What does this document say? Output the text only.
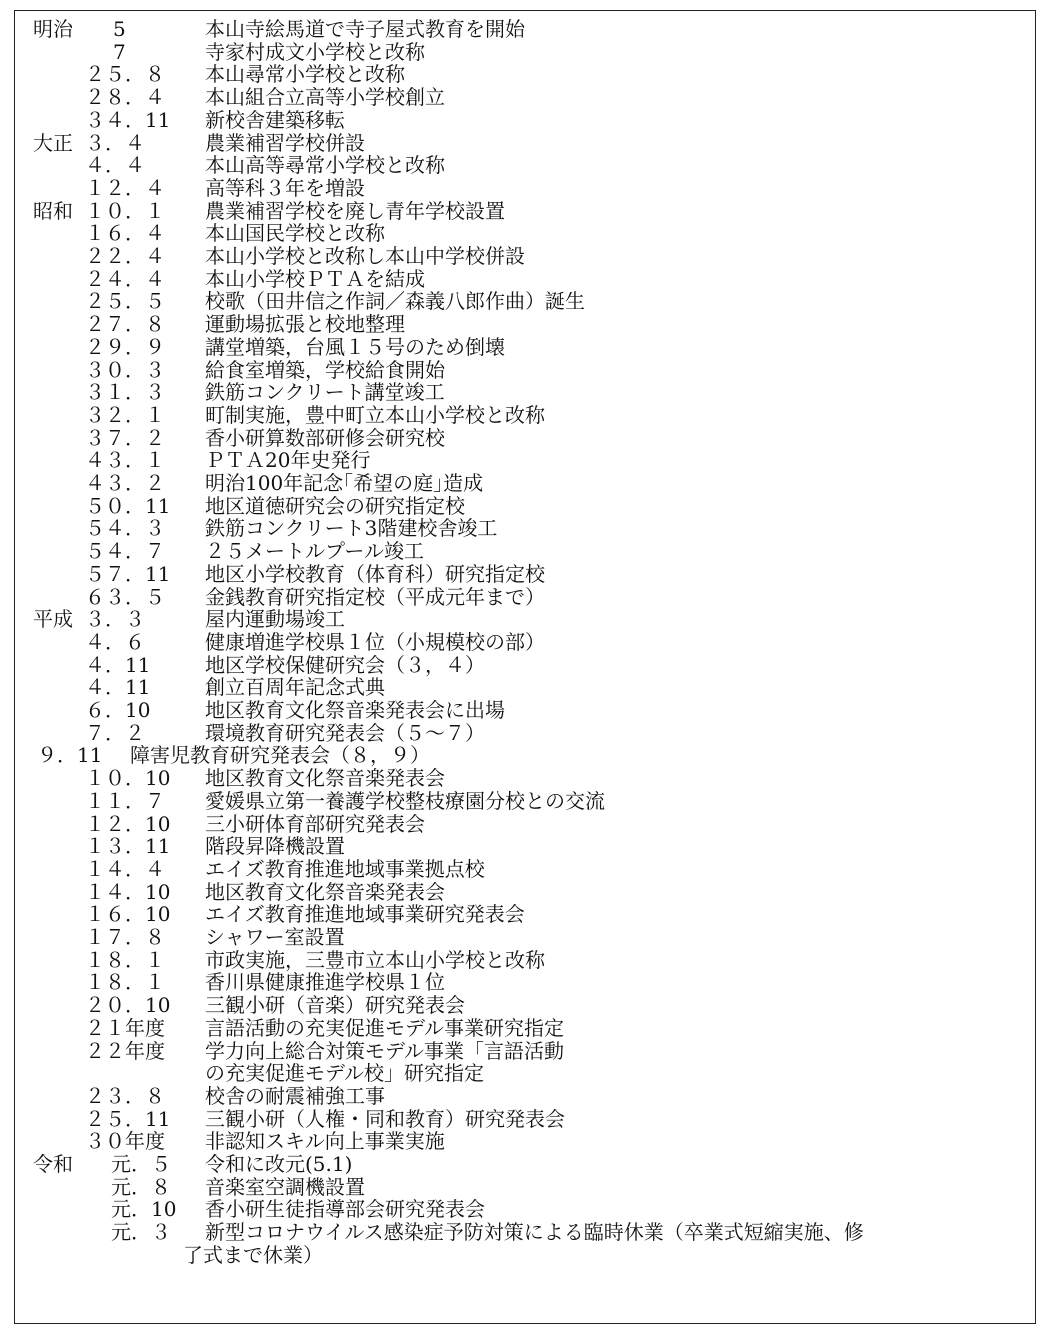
明治 5	本山寺絵馬道で寺子屋式教育を開始
7	寺家村成文小学校と改称
２５．８ 本山尋常小学校と改称
２８．４ 本山組合立高等小学校創立
３４．11 新校舎建築移転
大正 ３．４	農業補習学校併設
４．４	本山高等尋常小学校と改称
１２．４ 高等科３年を増設
昭和 １０．１ 農業補習学校を廃し青年学校設置
１６．４ 本山国民学校と改称
２２．４ 本山小学校と改称し本山中学校併設
２４．４ 本山小学校ＰＴＡを結成
２５．５ 校歌（田井信之作詞／森義八郎作曲）誕生
２７．８ 運動場拡張と校地整理
２９．９ 講堂増築，台風１５号のため倒壊
３０．３ 給食室増築，学校給食開始
３１．３ 鉄筋コンクリート講堂竣工
３２．１ 町制実施，豊中町立本山小学校と改称
３７．２ 香小研算数部研修会研究校
４３．１ ＰＴＡ20年史発行
４３．２ 明治100年記念｢希望の庭｣造成
５０．11 地区道徳研究会の研究指定校
５４．３ 鉄筋コンクリート3階建校舎竣工
５４．７ ２５メートルプール竣工
５７．11 地区小学校教育（体育科）研究指定校
６３．５ 金銭教育研究指定校（平成元年まで）
平成 ３．３	屋内運動場竣工
４．６	健康増進学校県１位（小規模校の部）
４．11	地区学校保健研究会（３，４）
４．11	創立百周年記念式典
６．10	地区教育文化祭音楽発表会に出場
７．２	環境教育研究発表会（５～７）
９．11 障害児教育研究発表会（８，９）
１０．10 地区教育文化祭音楽発表会
１１．７ 愛媛県立第一養護学校整枝療園分校との交流
１２．10 三小研体育部研究発表会
１３．11 階段昇降機設置
１４．４ エイズ教育推進地域事業拠点校
１４．10 地区教育文化祭音楽発表会
１６．10 エイズ教育推進地域事業研究発表会
１７．８ シャワー室設置
１８．１ 市政実施，三豊市立本山小学校と改称
１８．１ 香川県健康推進学校県１位
２０．10 三観小研（音楽）研究発表会
２１年度 言語活動の充実促進モデル事業研究指定
２２年度 学力向上総合対策モデル事業「言語活動
の充実促進モデル校」研究指定
２３．８ 校舎の耐震補強工事
２５．11 三観小研（人権・同和教育）研究発表会
３０年度 非認知スキル向上事業実施
令和 元．５ 令和に改元(5.1)
元．８ 音楽室空調機設置
元．10 香小研生徒指導部会研究発表会
元．３ 新型コロナウイルス感染症予防対策による臨時休業（卒業式短縮実施、修
了式まで休業）
